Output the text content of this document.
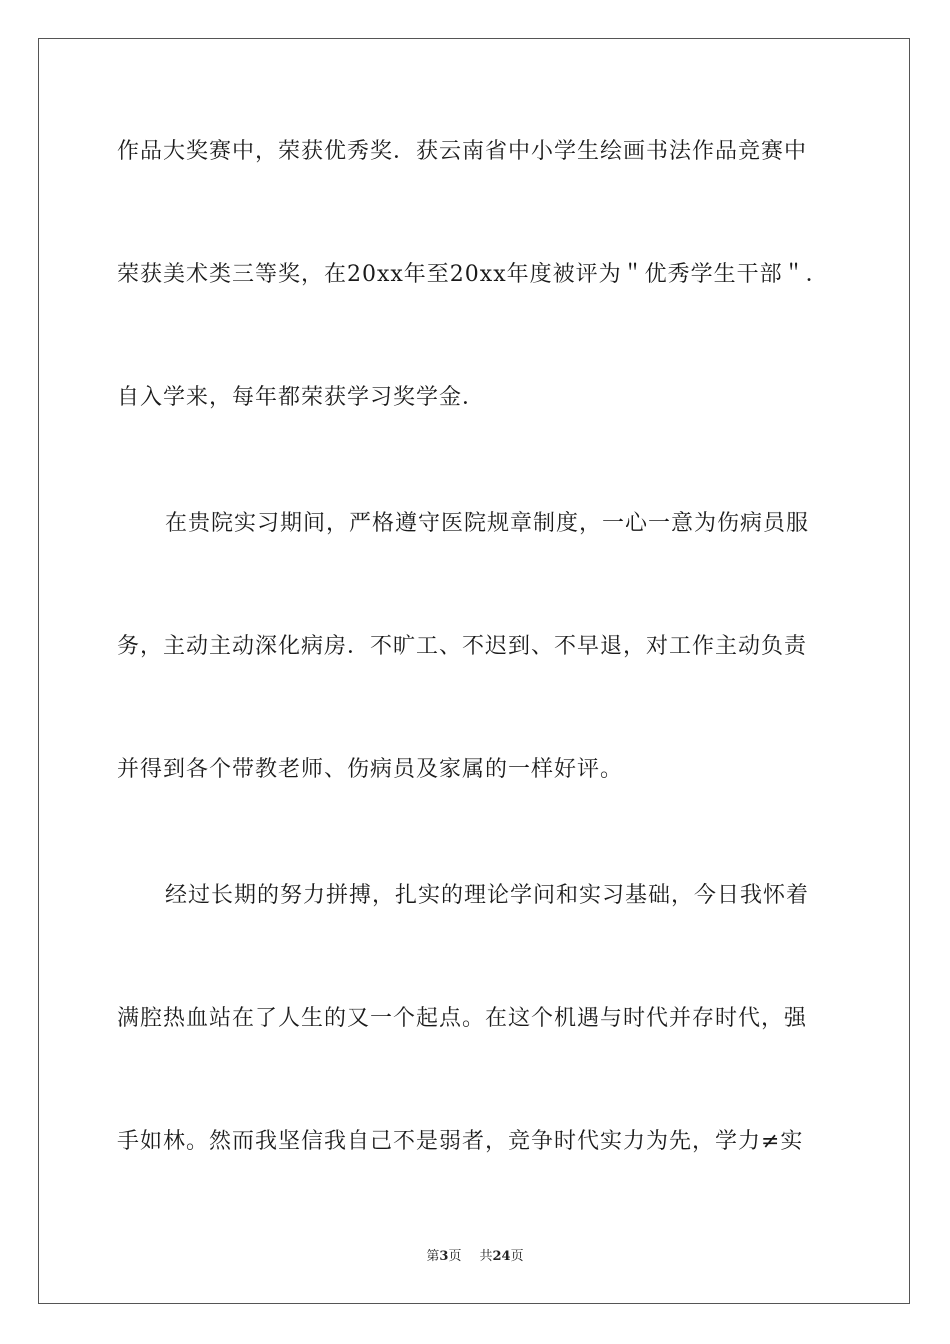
作品大奖赛中，荣获优秀奖．获云南省中小学生绘画书法作品竞赛中
荣获美术类三等奖，在20xx年至20xx年度被评为＂优秀学生干部＂．
自入学来，每年都荣获学习奖学金．
在贵院实习期间，严格遵守医院规章制度，一心一意为伤病员服
务，主动主动深化病房．不旷工、不迟到、不早退，对工作主动负责
并得到各个带教老师、伤病员及家属的一样好评。
经过长期的努力拼搏，扎实的理论学问和实习基础，今日我怀着
满腔热血站在了人生的又一个起点。在这个机遇与时代并存时代，强
手如林。然而我坚信我自己不是弱者，竞争时代实力为先，学力≠实
第3页 共24页
